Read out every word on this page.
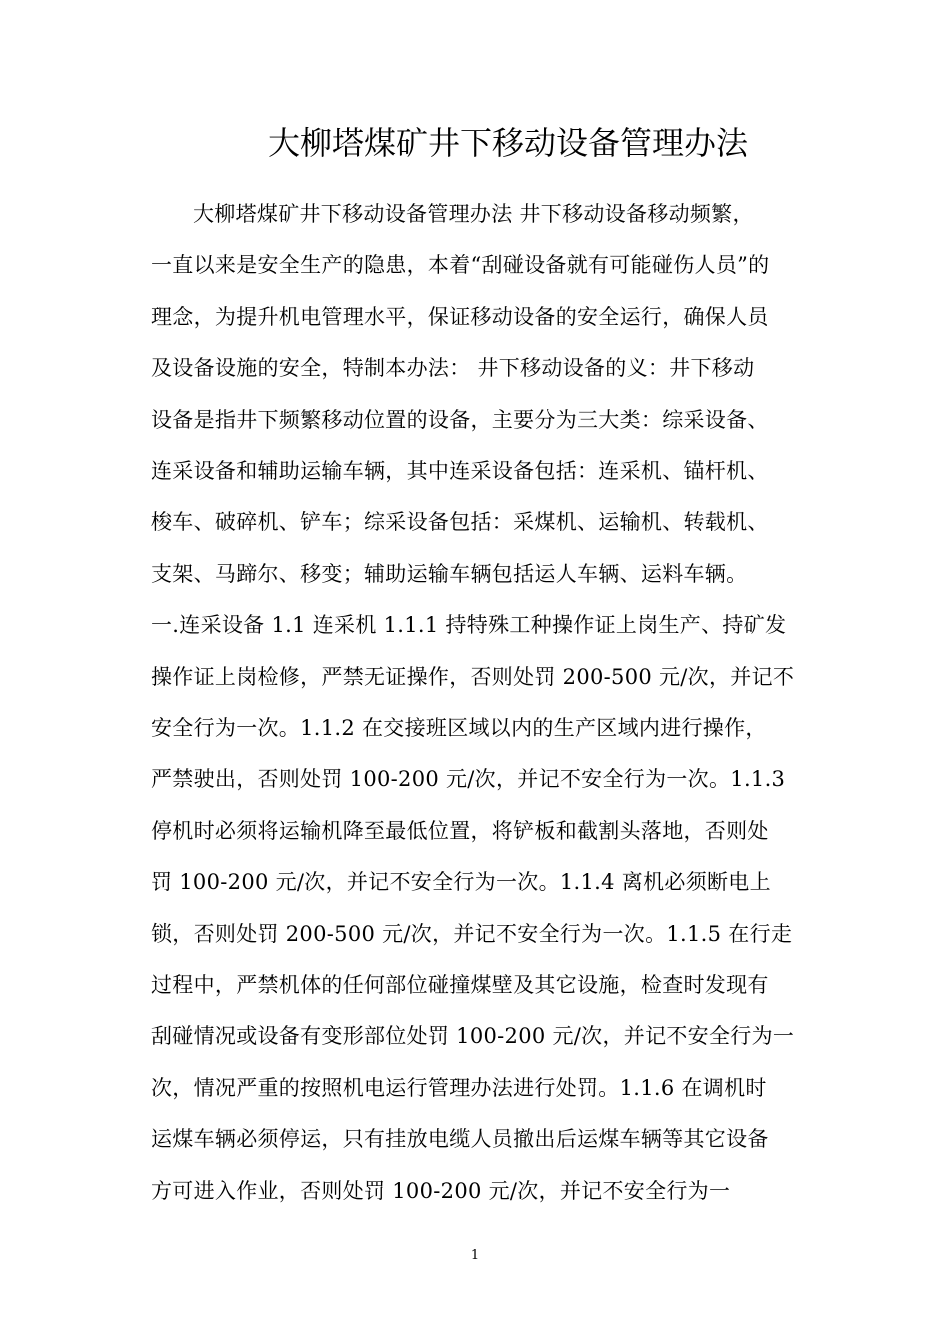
大柳塔煤矿井下移动设备管理办法
大柳塔煤矿井下移动设备管理办法 井下移动设备移动频繁，
一直以来是安全生产的隐患，本着“刮碰设备就有可能碰伤人员”的
理念，为提升机电管理水平，保证移动设备的安全运行，确保人员
及设备设施的安全，特制本办法： 井下移动设备的义：井下移动
设备是指井下频繁移动位置的设备，主要分为三大类：综采设备、
连采设备和辅助运输车辆，其中连采设备包括：连采机、锚杆机、
梭车、破碎机、铲车；综采设备包括：采煤机、运输机、转载机、
支架、马蹄尔、移变；辅助运输车辆包括运人车辆、运料车辆。
一.连采设备 1.1 连采机 1.1.1 持特殊工种操作证上岗生产、持矿发
操作证上岗检修，严禁无证操作，否则处罚 200-500 元/次，并记不
安全行为一次。1.1.2 在交接班区域以内的生产区域内进行操作，
严禁驶出，否则处罚 100-200 元/次，并记不安全行为一次。1.1.3
停机时必须将运输机降至最低位置，将铲板和截割头落地，否则处
罚 100-200 元/次，并记不安全行为一次。1.1.4 离机必须断电上
锁，否则处罚 200-500 元/次，并记不安全行为一次。1.1.5 在行走
过程中，严禁机体的任何部位碰撞煤壁及其它设施，检查时发现有
刮碰情况或设备有变形部位处罚 100-200 元/次，并记不安全行为一
次，情况严重的按照机电运行管理办法进行处罚。1.1.6 在调机时
运煤车辆必须停运，只有挂放电缆人员撤出后运煤车辆等其它设备
方可进入作业，否则处罚 100-200 元/次，并记不安全行为一
1
